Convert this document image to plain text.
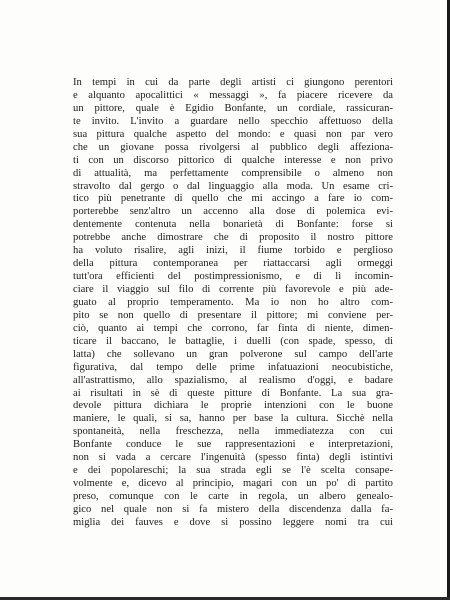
In tempi in cui da parte degli artisti ci giungono perentori
e alquanto apocalittici « messaggi », fa piacere ricevere da
un pittore, quale è Egidio Bonfante, un cordiale, rassicuran-
te invito. L'invito a guardare nello specchio affettuoso della
sua pittura qualche aspetto del mondo: e quasi non par vero
che un giovane possa rivolgersi al pubblico degli affeziona-
ti con un discorso pittorico di qualche interesse e non privo
di attualità, ma perfettamente comprensibile o almeno non
stravolto dal gergo o dal linguaggio alla moda. Un esame cri-
tico più penetrante di quello che mi accingo a fare io com-
porterebbe senz'altro un accenno alla dose di polemica evi-
dentemente contenuta nella bonarietà di Bonfante: forse si
potrebbe anche dimostrare che di proposito il nostro pittore
ha voluto risalire, agli inizi, il fiume torbido e perglioso
della pittura contemporanea per riattaccarsi agli ormeggi
tutt'ora efficienti del postimpressionismo, e di lì incomin-
ciare il viaggio sul filo di corrente più favorevole e più ade-
guato al proprio temperamento. Ma io non ho altro com-
pito se non quello di presentare il pittore; mi conviene per-
ciò, quanto ai tempi che corrono, far finta di niente, dimen-
ticare il baccano, le battaglie, i duelli (con spade, spesso, di
latta) che sollevano un gran polverone sul campo dell'arte
figurativa, dal tempo delle prime infatuazioni neocubistiche,
all'astrattismo, allo spazialismo, al realismo d'oggi, e badare
ai risultati in sè di queste pitture di Bonfante. La sua gra-
devole pittura dichiara le proprie intenzioni con le buone
maniere, le quali, si sa, hanno per base la cultura. Sicchè nella
spontaneità, nella freschezza, nella immediatezza con cui
Bonfante conduce le sue rappresentazioni e interpretazioni,
non si vada a cercare l'ingenuità (spesso finta) degli istintivi
e dei popolareschi; la sua strada egli se l'è scelta consape-
volmente e, dicevo al principio, magari con un po' di partito
preso, comunque con le carte in regola, un albero genealo-
gico nel quale non si fa mistero della discendenza dalla fa-
miglia dei fauves e dove si possino leggere nomi tra cui
